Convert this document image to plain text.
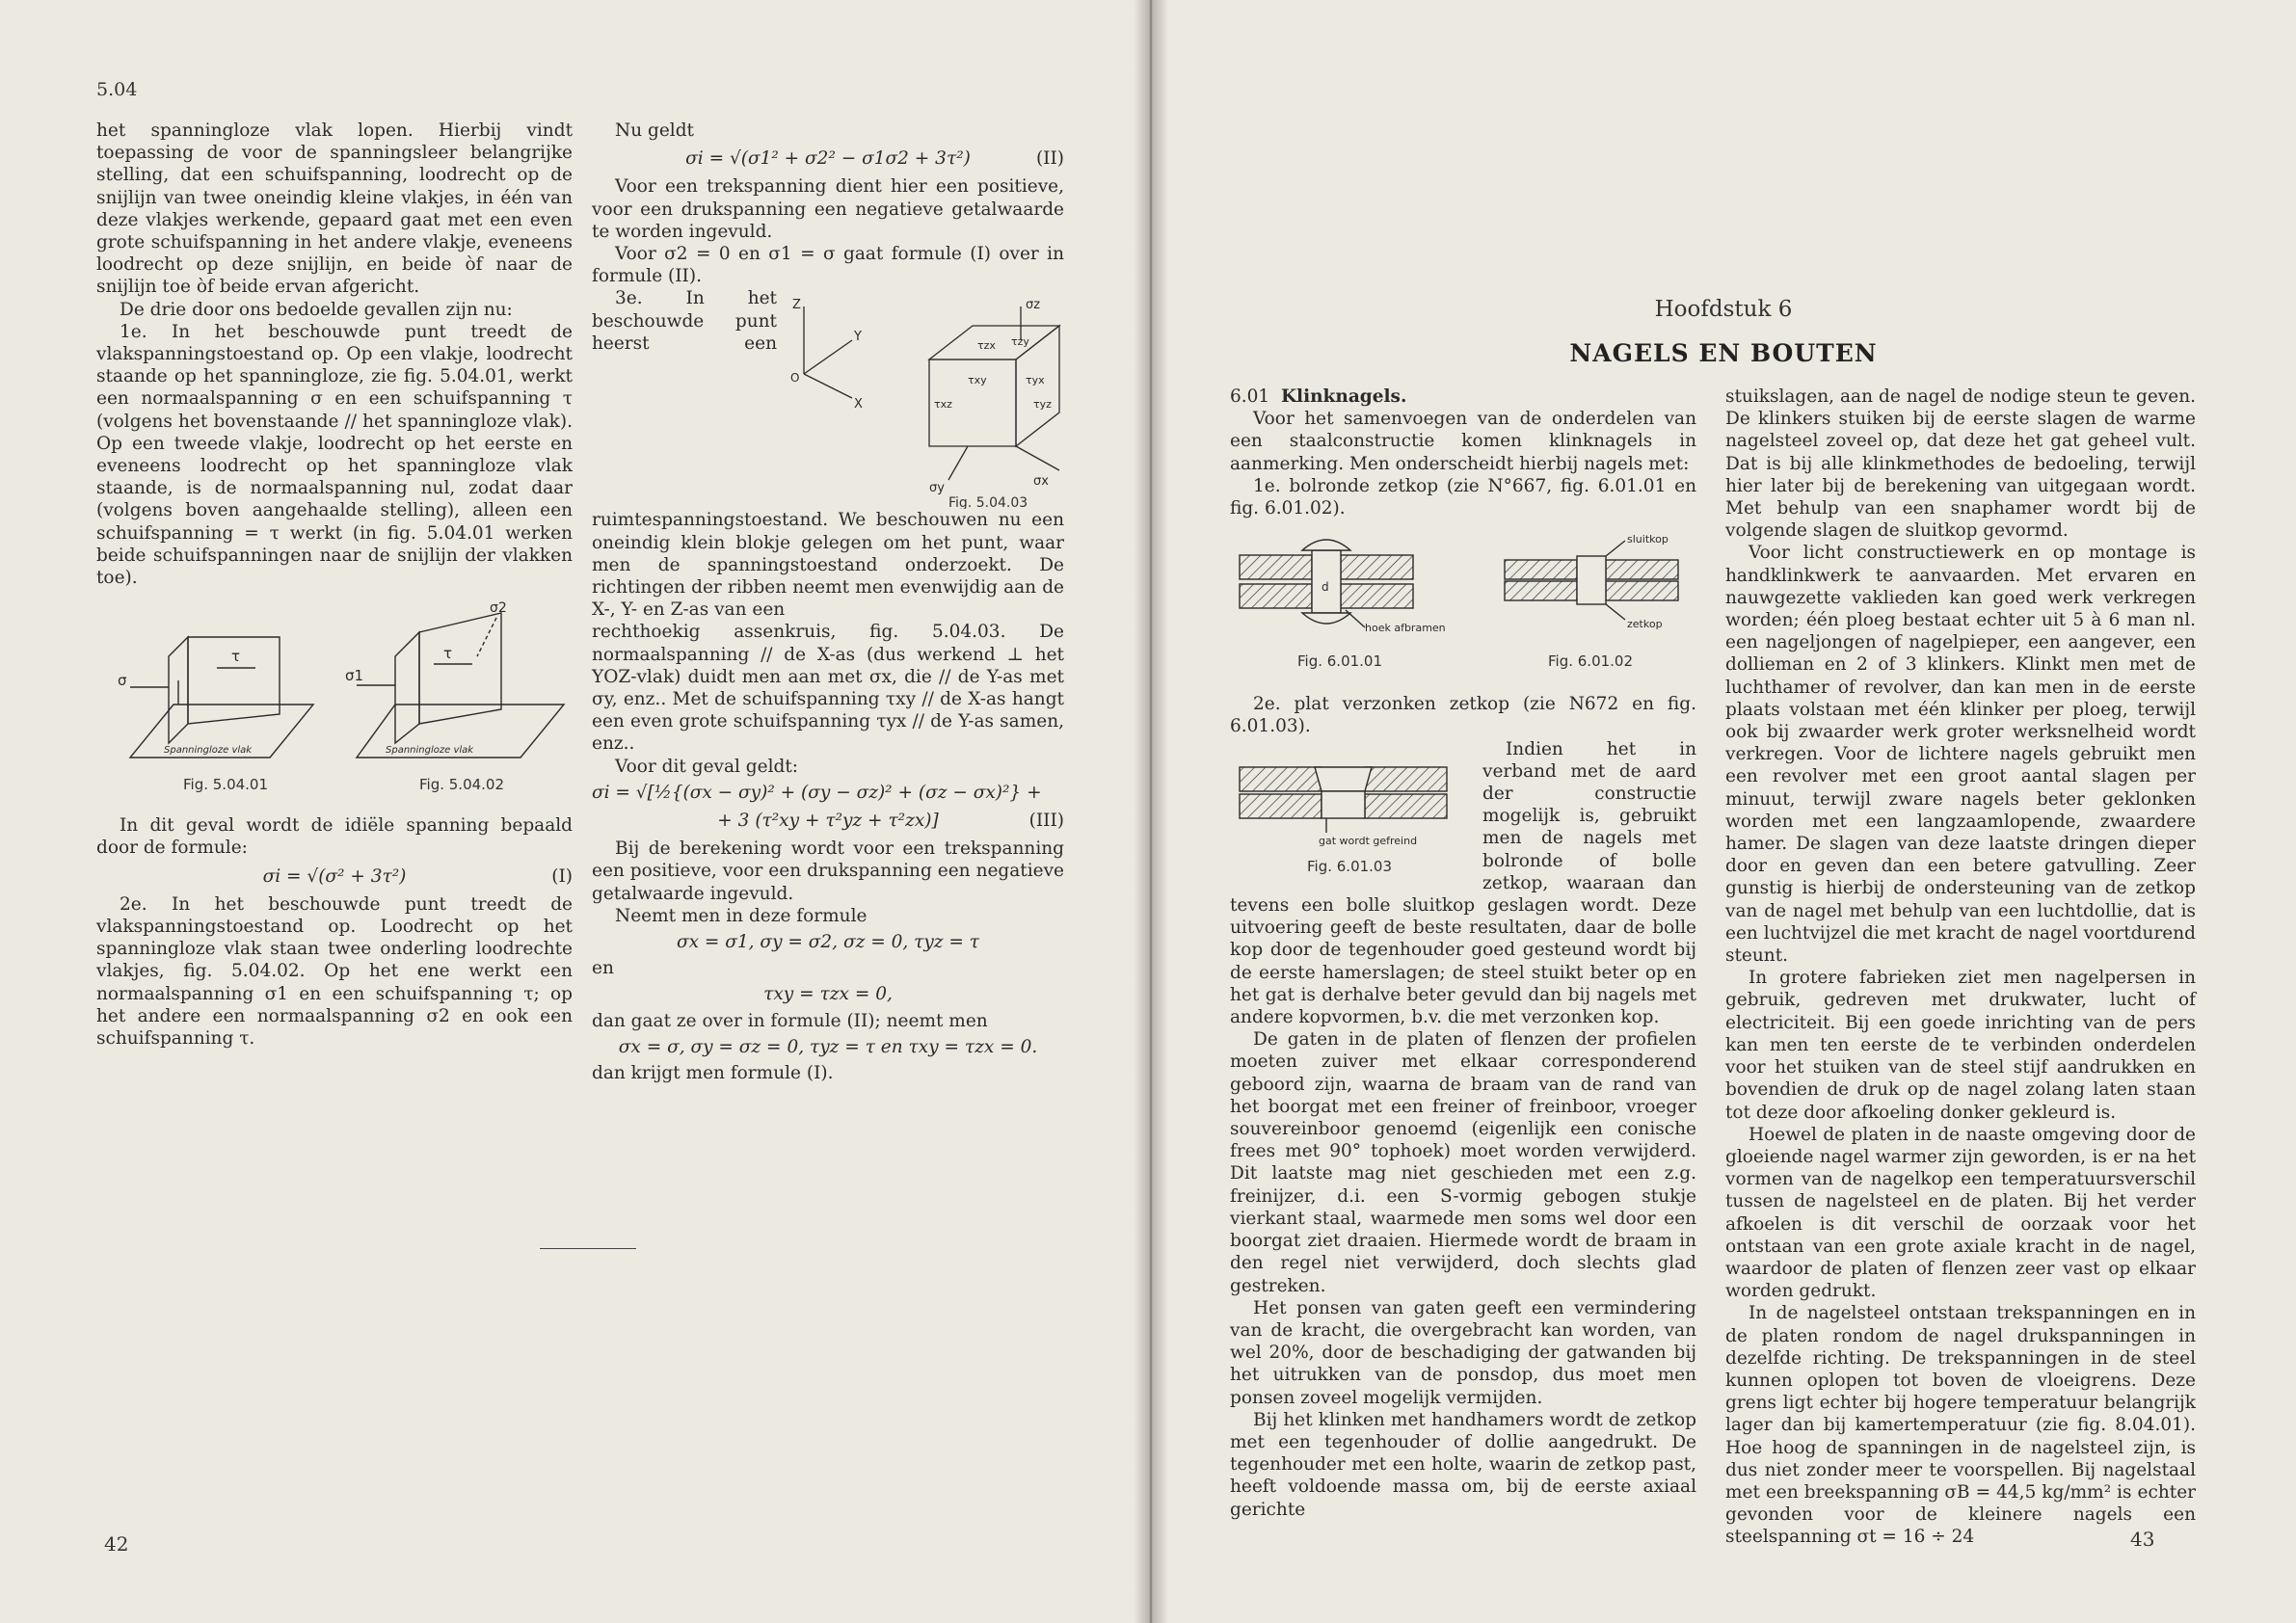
5.04

het spanningloze vlak lopen. Hierbij vindt toepassing de voor de spanningsleer belangrijke stelling, dat een schuifspanning, loodrecht op de snijlijn van twee oneindig kleine vlakjes, in één van deze vlakjes werkende, gepaard gaat met een even grote schuifspanning in het andere vlakje, eveneens loodrecht op deze snijlijn, en beide òf naar de snijlijn toe òf beide ervan afgericht.

De drie door ons bedoelde gevallen zijn nu:

1e. In het beschouwde punt treedt de vlakspanningstoestand op. Op een vlakje, loodrecht staande op het spanningloze, zie fig. 5.04.01, werkt een normaalspanning σ en een schuifspanning τ (volgens het bovenstaande // het spanningloze vlak). Op een tweede vlakje, loodrecht op het eerste en eveneens loodrecht op het spanningloze vlak staande, is de normaalspanning nul, zodat daar (volgens boven aangehaalde stelling), alleen een schuifspanning = τ werkt (in fig. 5.04.01 werken beide schuifspanningen naar de snijlijn der vlakken toe).

σ
τ
Spanningloze vlak
Fig. 5.04.01
σ1
σ2
τ
Spanningloze vlak
Fig. 5.04.02

In dit geval wordt de idiële spanning bepaald door de formule:

σi = √(σ² + 3τ²)	(I)

2e. In het beschouwde punt treedt de vlakspanningstoestand op. Loodrecht op het spanningloze vlak staan twee onderling loodrechte vlakjes, fig. 5.04.02. Op het ene werkt een normaalspanning σ1 en een schuifspanning τ; op het andere een normaalspanning σ2 en ook een schuifspanning τ.

Nu geldt

σi = √(σ1² + σ2² − σ1σ2 + 3τ²)	(II)

Voor een trekspanning dient hier een positieve, voor een drukspanning een negatieve getalwaarde te worden ingevuld.

Voor σ2 = 0 en σ1 = σ gaat formule (I) over in formule (II).

Z
Y
X
O
σz
σx
σy
τzx τzy
τxz
τxy	τyx
τyz
Fig. 5.04.03

3e. In het beschouwde punt heerst een ruimtespanningstoestand. We beschouwen nu een oneindig klein blokje gelegen om het punt, waar men de spanningstoestand onderzoekt. De richtingen der ribben neemt men evenwijdig aan de X-, Y- en Z-as van een

rechthoekig assenkruis, fig. 5.04.03. De normaalspanning // de X-as (dus werkend ⊥ het YOZ-vlak) duidt men aan met σx, die // de Y-as met σy, enz.. Met de schuifspanning τxy // de X-as hangt een even grote schuifspanning τyx // de Y-as samen, enz..

Voor dit geval geldt:

σi = √[½{(σx − σy)² + (σy − σz)² + (σz − σx)²} +

+ 3 (τ²xy + τ²yz + τ²zx)]	(III)

Bij de berekening wordt voor een trekspanning een positieve, voor een drukspanning een negatieve getalwaarde ingevuld.

Neemt men in deze formule

σx = σ1, σy = σ2, σz = 0, τyz = τ

en

τxy = τzx = 0,

dan gaat ze over in formule (II); neemt men

σx = σ, σy = σz = 0, τyz = τ en τxy = τzx = 0.

dan krijgt men formule (I).

42
Hoofdstuk 6
NAGELS EN BOUTEN

6.01 Klinknagels.

Voor het samenvoegen van de onderdelen van een staalconstructie komen klinknagels in aanmerking. Men onderscheidt hierbij nagels met:

1e. bolronde zetkop (zie N°667, fig. 6.01.01 en fig. 6.01.02).

d
hoek afbramen
Fig. 6.01.01
sluitkop
zetkop
Fig. 6.01.02

2e. plat verzonken zetkop (zie N672 en fig. 6.01.03).

gat wordt gefreind
Fig. 6.01.03

Indien het in verband met de aard der constructie mogelijk is, gebruikt men de nagels met bolronde of bolle zetkop, waaraan dan tevens een bolle sluitkop geslagen wordt. Deze uitvoering geeft de beste resultaten, daar de bolle kop door de tegenhouder goed gesteund wordt bij de eerste hamerslagen; de steel stuikt beter op en het gat is derhalve beter gevuld dan bij nagels met andere kopvormen, b.v. die met verzonken kop.

De gaten in de platen of flenzen der profielen moeten zuiver met elkaar corresponderend geboord zijn, waarna de braam van de rand van het boorgat met een freiner of freinboor, vroeger souvereinboor genoemd (eigenlijk een conische frees met 90° tophoek) moet worden verwijderd. Dit laatste mag niet geschieden met een z.g. freinijzer, d.i. een S-vormig gebogen stukje vierkant staal, waarmede men soms wel door een boorgat ziet draaien. Hiermede wordt de braam in den regel niet verwijderd, doch slechts glad gestreken.

Het ponsen van gaten geeft een vermindering van de kracht, die overgebracht kan worden, van wel 20%, door de beschadiging der gatwanden bij het uitrukken van de ponsdop, dus moet men ponsen zoveel mogelijk vermijden.

Bij het klinken met handhamers wordt de zetkop met een tegenhouder of dollie aangedrukt. De tegenhouder met een holte, waarin de zetkop past, heeft voldoende massa om, bij de eerste axiaal gerichte

stuikslagen, aan de nagel de nodige steun te geven. De klinkers stuiken bij de eerste slagen de warme nagelsteel zoveel op, dat deze het gat geheel vult. Dat is bij alle klinkmethodes de bedoeling, terwijl hier later bij de berekening van uitgegaan wordt. Met behulp van een snaphamer wordt bij de volgende slagen de sluitkop gevormd.

Voor licht constructiewerk en op montage is handklinkwerk te aanvaarden. Met ervaren en nauwgezette vaklieden kan goed werk verkregen worden; één ploeg bestaat echter uit 5 à 6 man nl. een nageljongen of nagelpieper, een aangever, een dollieman en 2 of 3 klinkers. Klinkt men met de luchthamer of revolver, dan kan men in de eerste plaats volstaan met één klinker per ploeg, terwijl ook bij zwaarder werk groter werksnelheid wordt verkregen. Voor de lichtere nagels gebruikt men een revolver met een groot aantal slagen per minuut, terwijl zware nagels beter geklonken worden met een langzaamlopende, zwaardere hamer. De slagen van deze laatste dringen dieper door en geven dan een betere gatvulling. Zeer gunstig is hierbij de ondersteuning van de zetkop van de nagel met behulp van een luchtdollie, dat is een luchtvijzel die met kracht de nagel voortdurend steunt.

In grotere fabrieken ziet men nagelpersen in gebruik, gedreven met drukwater, lucht of electriciteit. Bij een goede inrichting van de pers kan men ten eerste de te verbinden onderdelen voor het stuiken van de steel stijf aandrukken en bovendien de druk op de nagel zolang laten staan tot deze door afkoeling donker gekleurd is.

Hoewel de platen in de naaste omgeving door de gloeiende nagel warmer zijn geworden, is er na het vormen van de nagelkop een temperatuursverschil tussen de nagelsteel en de platen. Bij het verder afkoelen is dit verschil de oorzaak voor het ontstaan van een grote axiale kracht in de nagel, waardoor de platen of flenzen zeer vast op elkaar worden gedrukt.

In de nagelsteel ontstaan trekspanningen en in de platen rondom de nagel drukspanningen in dezelfde richting. De trekspanningen in de steel kunnen oplopen tot boven de vloeigrens. Deze grens ligt echter bij hogere temperatuur belangrijk lager dan bij kamertemperatuur (zie fig. 8.04.01). Hoe hoog de spanningen in de nagelsteel zijn, is dus niet zonder meer te voorspellen. Bij nagelstaal met een breekspanning σB = 44,5 kg/mm² is echter gevonden voor de kleinere nagels een steelspanning σt = 16 ÷ 24	43
